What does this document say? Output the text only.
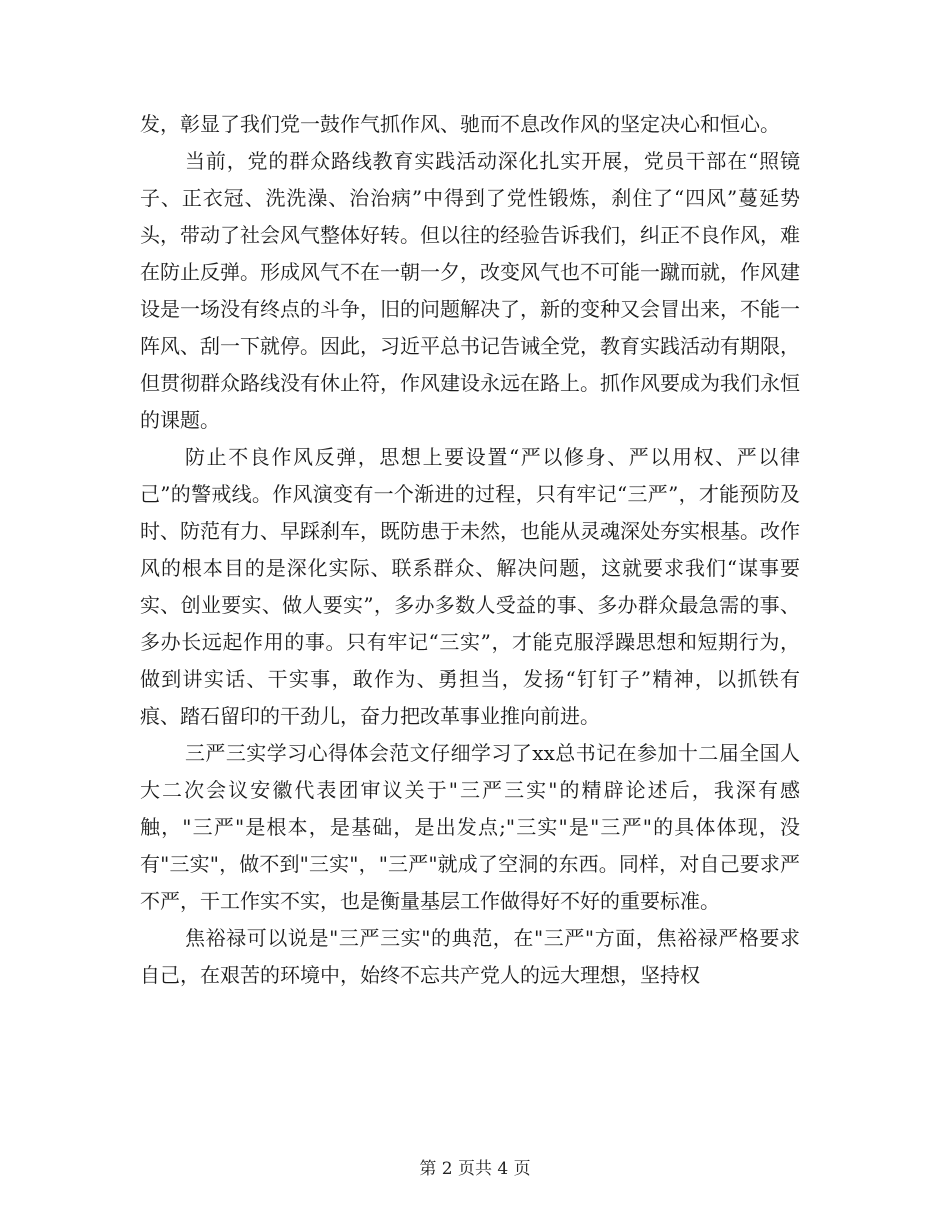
发，彰显了我们党一鼓作气抓作风、驰而不息改作风的坚定决心和恒心。

当前，党的群众路线教育实践活动深化扎实开展，党员干部在“照镜子、正衣冠、洗洗澡、治治病”中得到了党性锻炼，刹住了“四风”蔓延势头，带动了社会风气整体好转。但以往的经验告诉我们，纠正不良作风，难在防止反弹。形成风气不在一朝一夕，改变风气也不可能一蹴而就，作风建设是一场没有终点的斗争，旧的问题解决了，新的变种又会冒出来，不能一阵风、刮一下就停。因此，习近平总书记告诫全党，教育实践活动有期限，但贯彻群众路线没有休止符，作风建设永远在路上。抓作风要成为我们永恒的课题。

防止不良作风反弹，思想上要设置“严以修身、严以用权、严以律己”的警戒线。作风演变有一个渐进的过程，只有牢记“三严”，才能预防及时、防范有力、早踩刹车，既防患于未然，也能从灵魂深处夯实根基。改作风的根本目的是深化实际、联系群众、解决问题，这就要求我们“谋事要实、创业要实、做人要实”，多办多数人受益的事、多办群众最急需的事、多办长远起作用的事。只有牢记“三实”，才能克服浮躁思想和短期行为，做到讲实话、干实事，敢作为、勇担当，发扬“钉钉子”精神，以抓铁有痕、踏石留印的干劲儿，奋力把改革事业推向前进。

三严三实学习心得体会范文仔细学习了xx总书记在参加十二届全国人大二次会议安徽代表团审议关于"三严三实"的精辟论述后，我深有感触，"三严"是根本，是基础，是出发点;"三实"是"三严"的具体体现，没有"三实"，做不到"三实"，"三严"就成了空洞的东西。同样，对自己要求严不严，干工作实不实，也是衡量基层工作做得好不好的重要标准。

焦裕禄可以说是"三严三实"的典范，在"三严"方面，焦裕禄严格要求自己，在艰苦的环境中，始终不忘共产党人的远大理想，坚持权

第 2 页共 4 页
